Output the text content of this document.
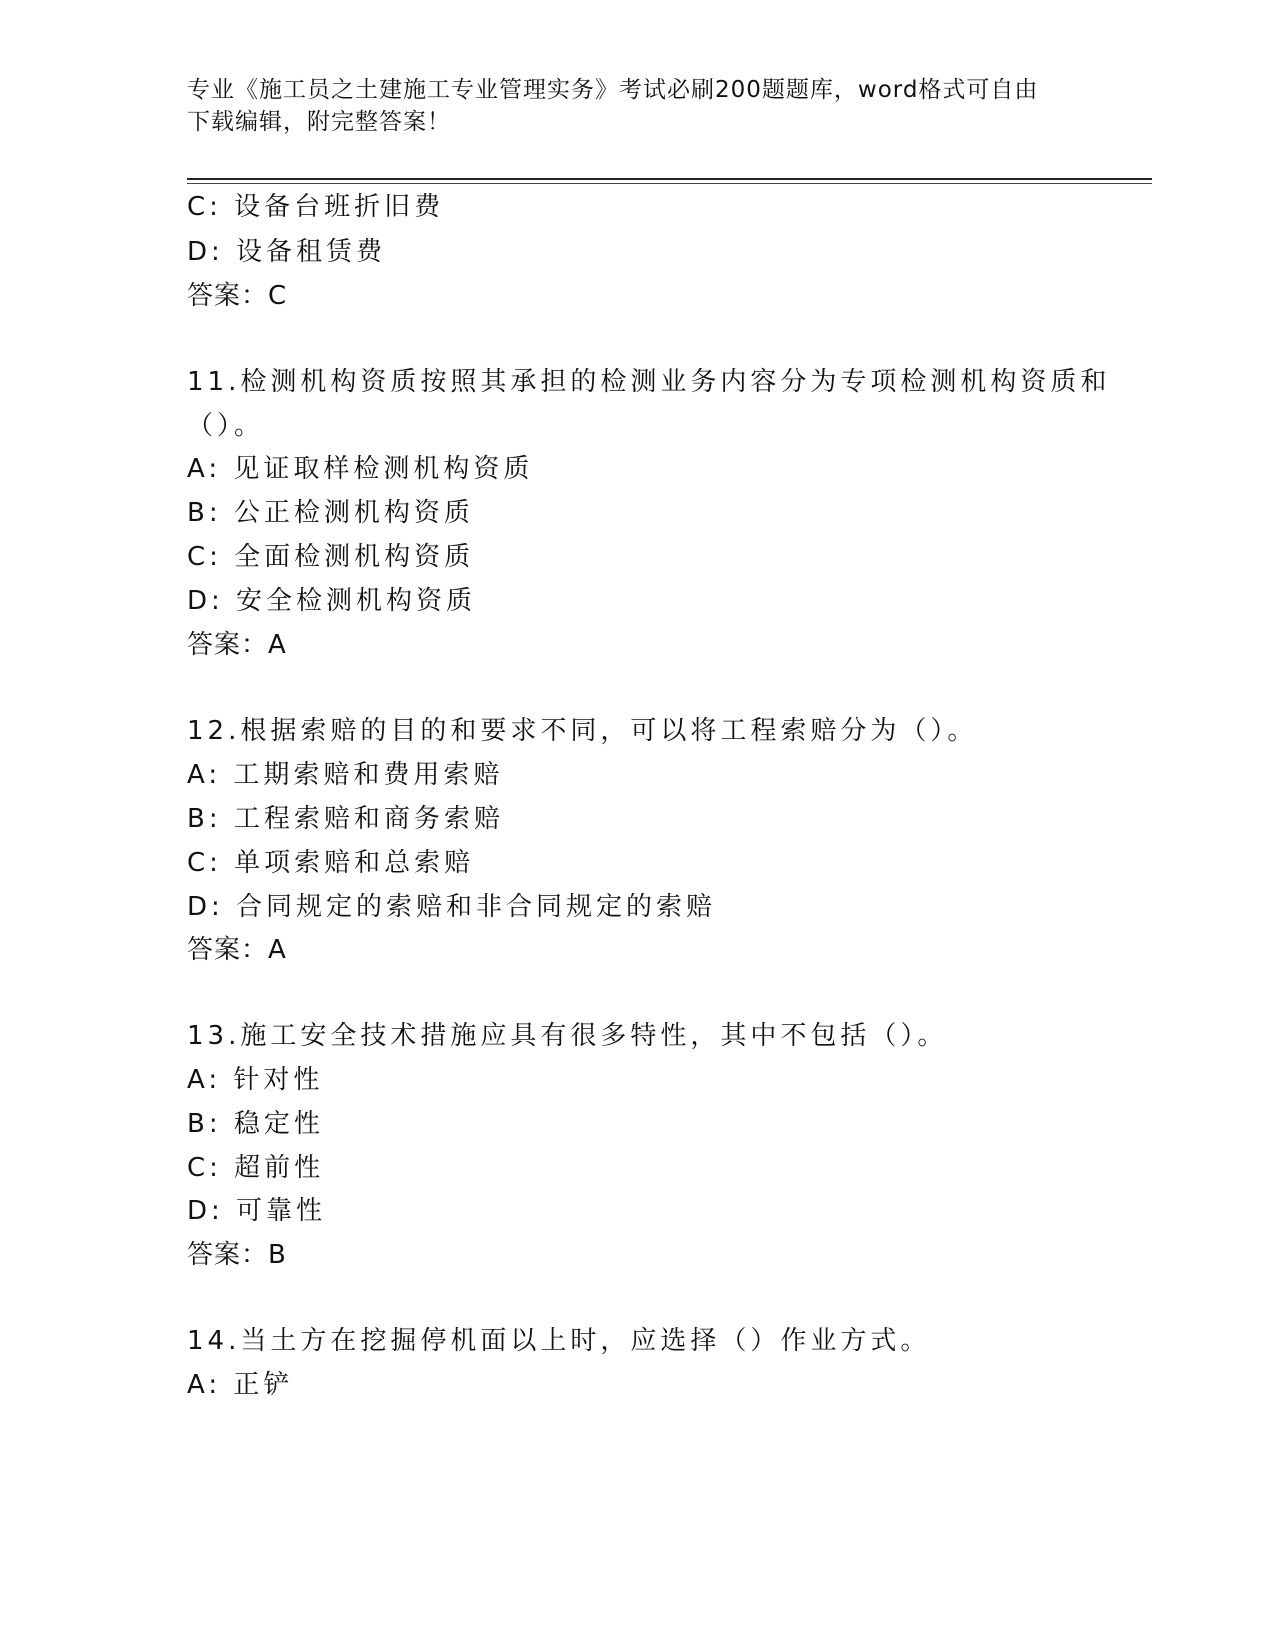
专业《施工员之土建施工专业管理实务》考试必刷200题题库，word格式可自由
下载编辑，附完整答案！
C: 设备台班折旧费
D: 设备租赁费
答案：C
11.检测机构资质按照其承担的检测业务内容分为专项检测机构资质和
（）。
A: 见证取样检测机构资质
B: 公正检测机构资质
C: 全面检测机构资质
D: 安全检测机构资质
答案：A
12.根据索赔的目的和要求不同，可以将工程索赔分为（）。
A: 工期索赔和费用索赔
B: 工程索赔和商务索赔
C: 单项索赔和总索赔
D: 合同规定的索赔和非合同规定的索赔
答案：A
13.施工安全技术措施应具有很多特性，其中不包括（）。
A: 针对性
B: 稳定性
C: 超前性
D: 可靠性
答案：B
14.当土方在挖掘停机面以上时，应选择（）作业方式。
A: 正铲
